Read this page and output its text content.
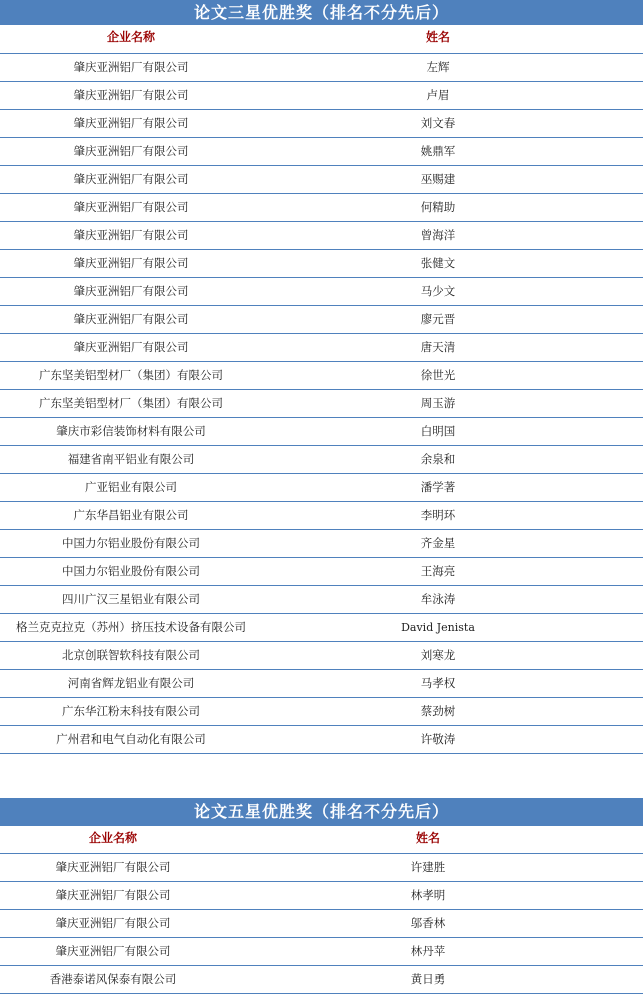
论文三星优胜奖（排名不分先后）
企业名称	姓名
肇庆亚洲铝厂有限公司	左辉
肇庆亚洲铝厂有限公司	卢眉
肇庆亚洲铝厂有限公司	刘文春
肇庆亚洲铝厂有限公司	姚鼎军
肇庆亚洲铝厂有限公司	巫赐建
肇庆亚洲铝厂有限公司	何精助
肇庆亚洲铝厂有限公司	曾海洋
肇庆亚洲铝厂有限公司	张健文
肇庆亚洲铝厂有限公司	马少文
肇庆亚洲铝厂有限公司	廖元晋
肇庆亚洲铝厂有限公司	唐天清
广东坚美铝型材厂（集团）有限公司	徐世光
广东坚美铝型材厂（集团）有限公司	周玉游
肇庆市彩信装饰材料有限公司	白明国
福建省南平铝业有限公司	余泉和
广亚铝业有限公司	潘学著
广东华昌铝业有限公司	李明环
中国力尔铝业股份有限公司	齐金星
中国力尔铝业股份有限公司	王海亮
四川广汉三星铝业有限公司	牟泳涛
格兰克克拉克（苏州）挤压技术设备有限公司	David Jenista
北京创联智软科技有限公司	刘寒龙
河南省辉龙铝业有限公司	马孝权
广东华江粉末科技有限公司	蔡劲树
广州君和电气自动化有限公司	许敬涛
论文五星优胜奖（排名不分先后）
企业名称	姓名
肇庆亚洲铝厂有限公司	许建胜
肇庆亚洲铝厂有限公司	林孝明
肇庆亚洲铝厂有限公司	邬香林
肇庆亚洲铝厂有限公司	林丹苹
香港泰诺风保泰有限公司	黄日勇
